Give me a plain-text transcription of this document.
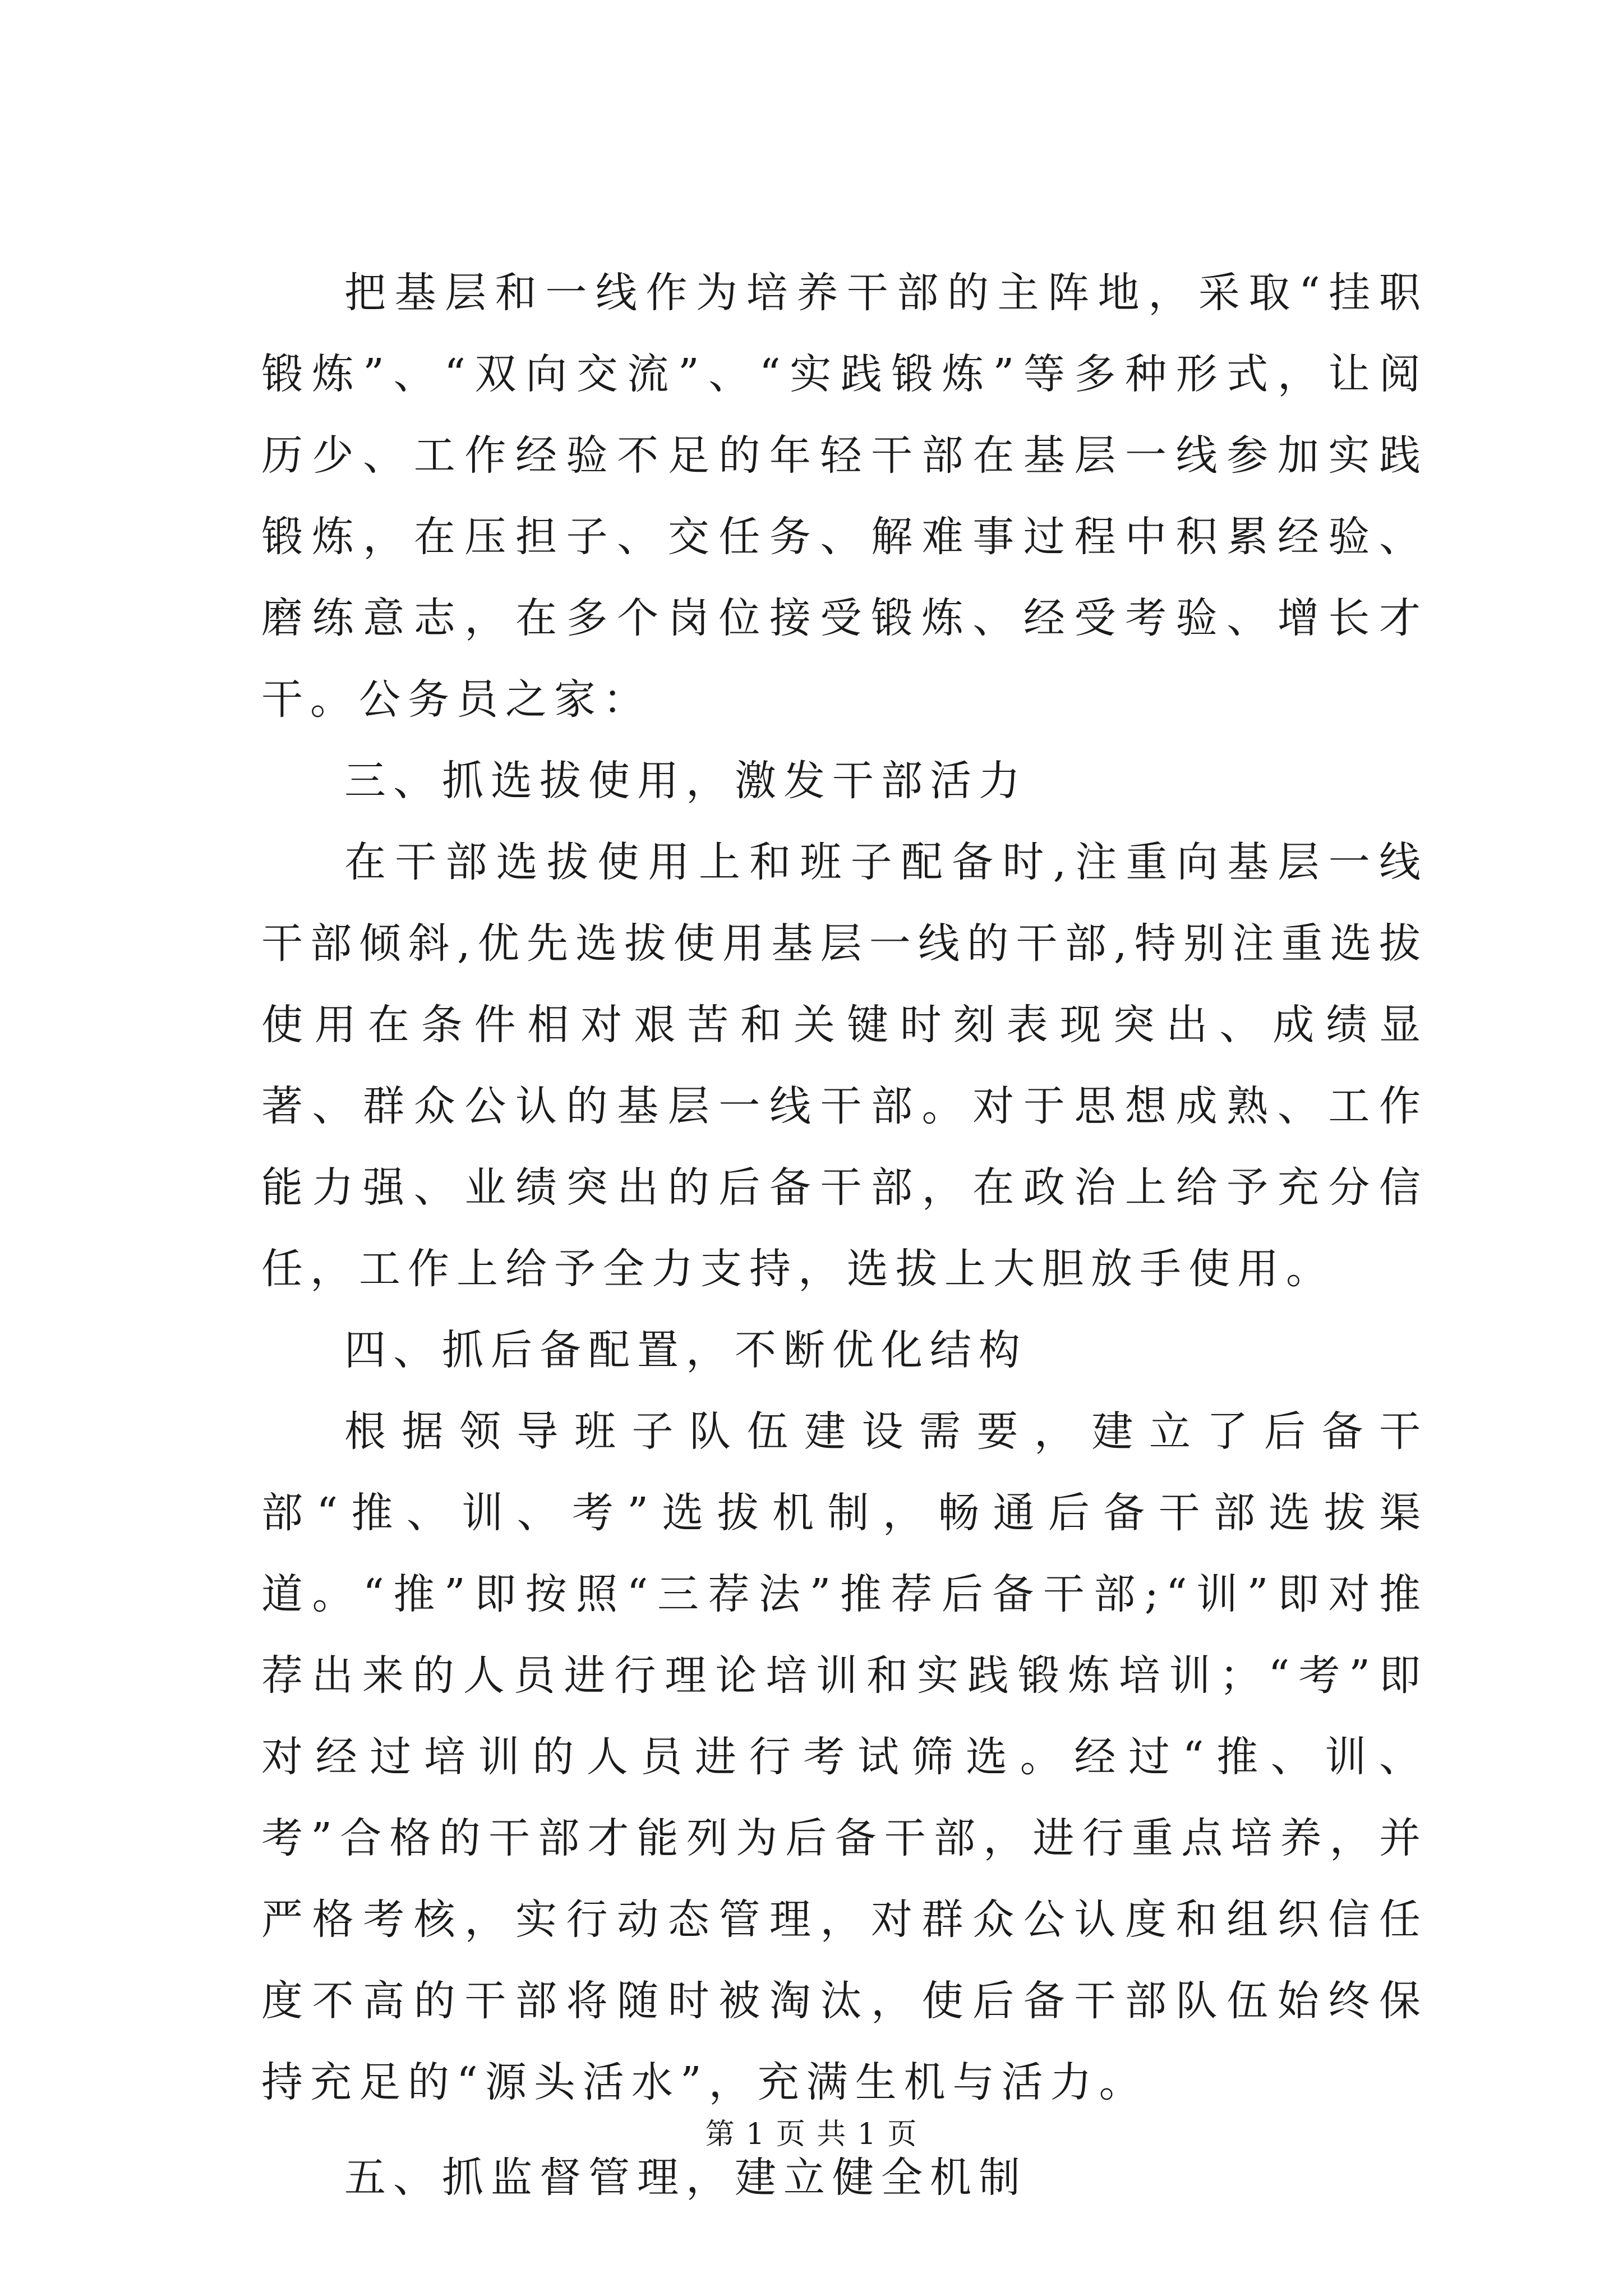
把基层和一线作为培养干部的主阵地，采取“挂职锻炼”、“双向交流”、“实践锻炼”等多种形式，让阅历少、工作经验不足的年轻干部在基层一线参加实践锻炼，在压担子、交任务、解难事过程中积累经验、磨练意志，在多个岗位接受锻炼、经受考验、增长才干。公务员之家：

三、抓选拔使用，激发干部活力

在干部选拔使用上和班子配备时,注重向基层一线干部倾斜,优先选拔使用基层一线的干部,特别注重选拔使用在条件相对艰苦和关键时刻表现突出、成绩显著、群众公认的基层一线干部。对于思想成熟、工作能力强、业绩突出的后备干部，在政治上给予充分信任，工作上给予全力支持，选拔上大胆放手使用。

四、抓后备配置，不断优化结构

根据领导班子队伍建设需要，建立了后备干部“推、训、考”选拔机制，畅通后备干部选拔渠道。“推”即按照“三荐法”推荐后备干部;“训”即对推荐出来的人员进行理论培训和实践锻炼培训；“考”即对经过培训的人员进行考试筛选。经过“推、训、考”合格的干部才能列为后备干部，进行重点培养，并严格考核，实行动态管理，对群众公认度和组织信任度不高的干部将随时被淘汰，使后备干部队伍始终保持充足的“源头活水”，充满生机与活力。

五、抓监督管理，建立健全机制

第 1 页 共 1 页
